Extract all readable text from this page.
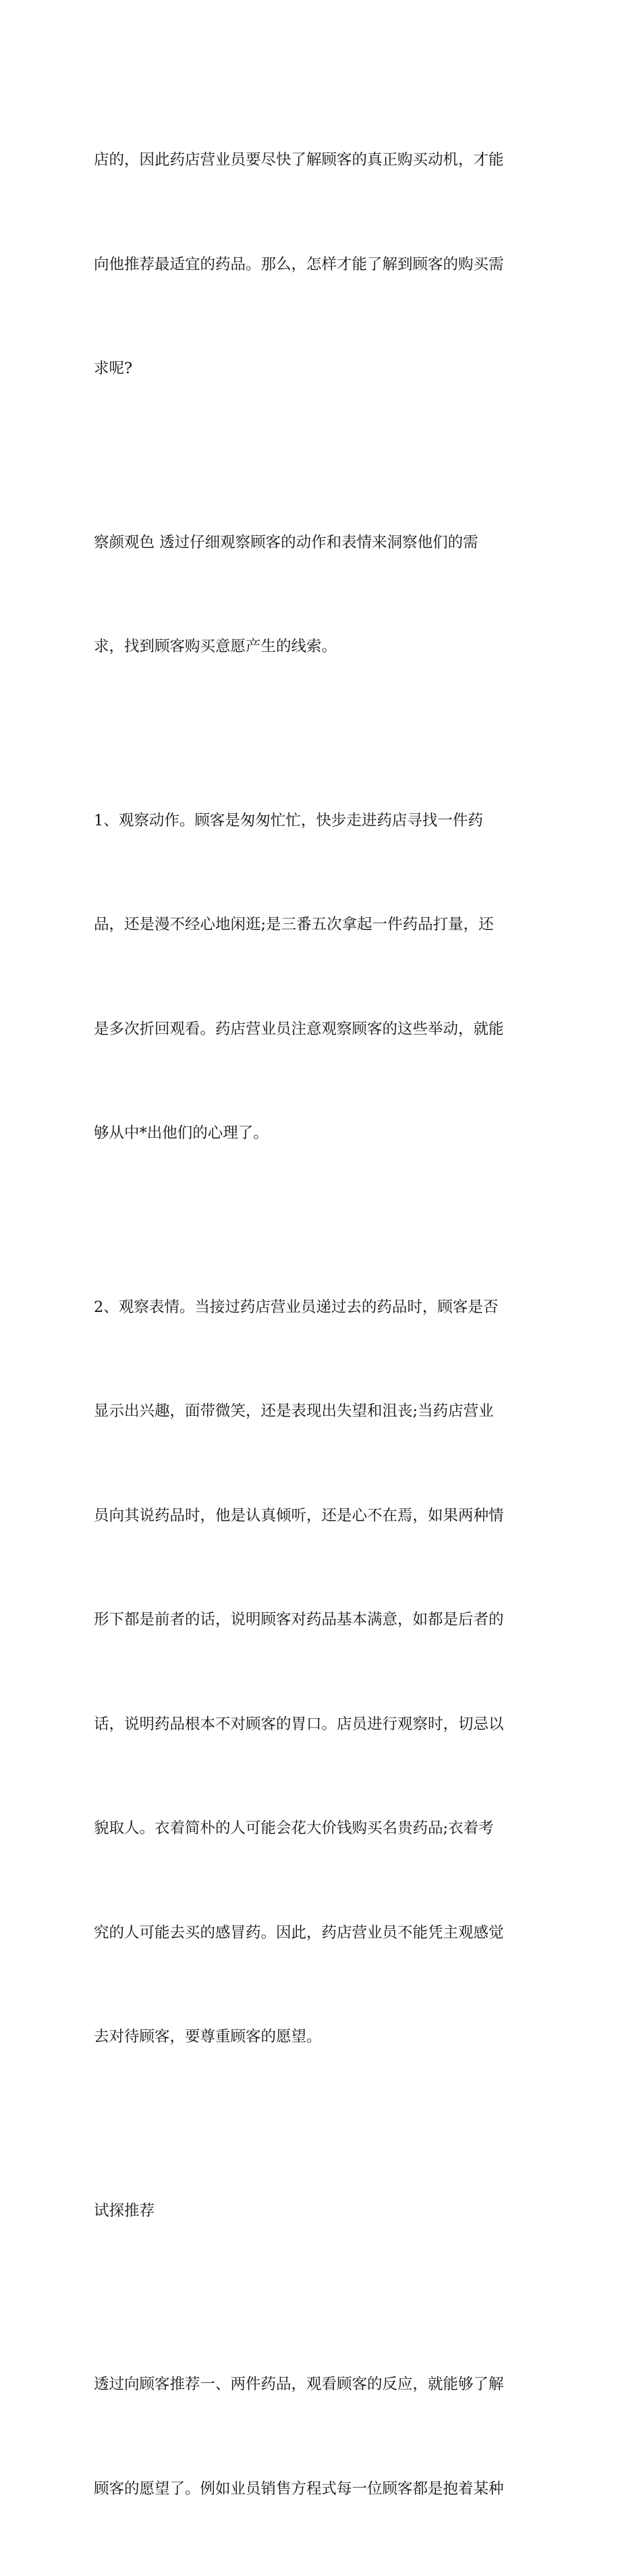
店的，因此药店营业员要尽快了解顾客的真正购买动机，才能

向他推荐最适宜的药品。那么，怎样才能了解到顾客的购买需

求呢?

察颜观色 透过仔细观察顾客的动作和表情来洞察他们的需

求，找到顾客购买意愿产生的线索。

1、观察动作。顾客是匆匆忙忙，快步走进药店寻找一件药

品，还是漫不经心地闲逛;是三番五次拿起一件药品打量，还

是多次折回观看。药店营业员注意观察顾客的这些举动，就能

够从中*出他们的心理了。

2、观察表情。当接过药店营业员递过去的药品时，顾客是否

显示出兴趣，面带微笑，还是表现出失望和沮丧;当药店营业

员向其说药品时，他是认真倾听，还是心不在焉，如果两种情

形下都是前者的话，说明顾客对药品基本满意，如都是后者的

话，说明药品根本不对顾客的胃口。店员进行观察时，切忌以

貌取人。衣着简朴的人可能会花大价钱购买名贵药品;衣着考

究的人可能去买的感冒药。因此，药店营业员不能凭主观感觉

去对待顾客，要尊重顾客的愿望。

试探推荐

透过向顾客推荐一、两件药品，观看顾客的反应，就能够了解

顾客的愿望了。例如业员销售方程式每一位顾客都是抱着某种
